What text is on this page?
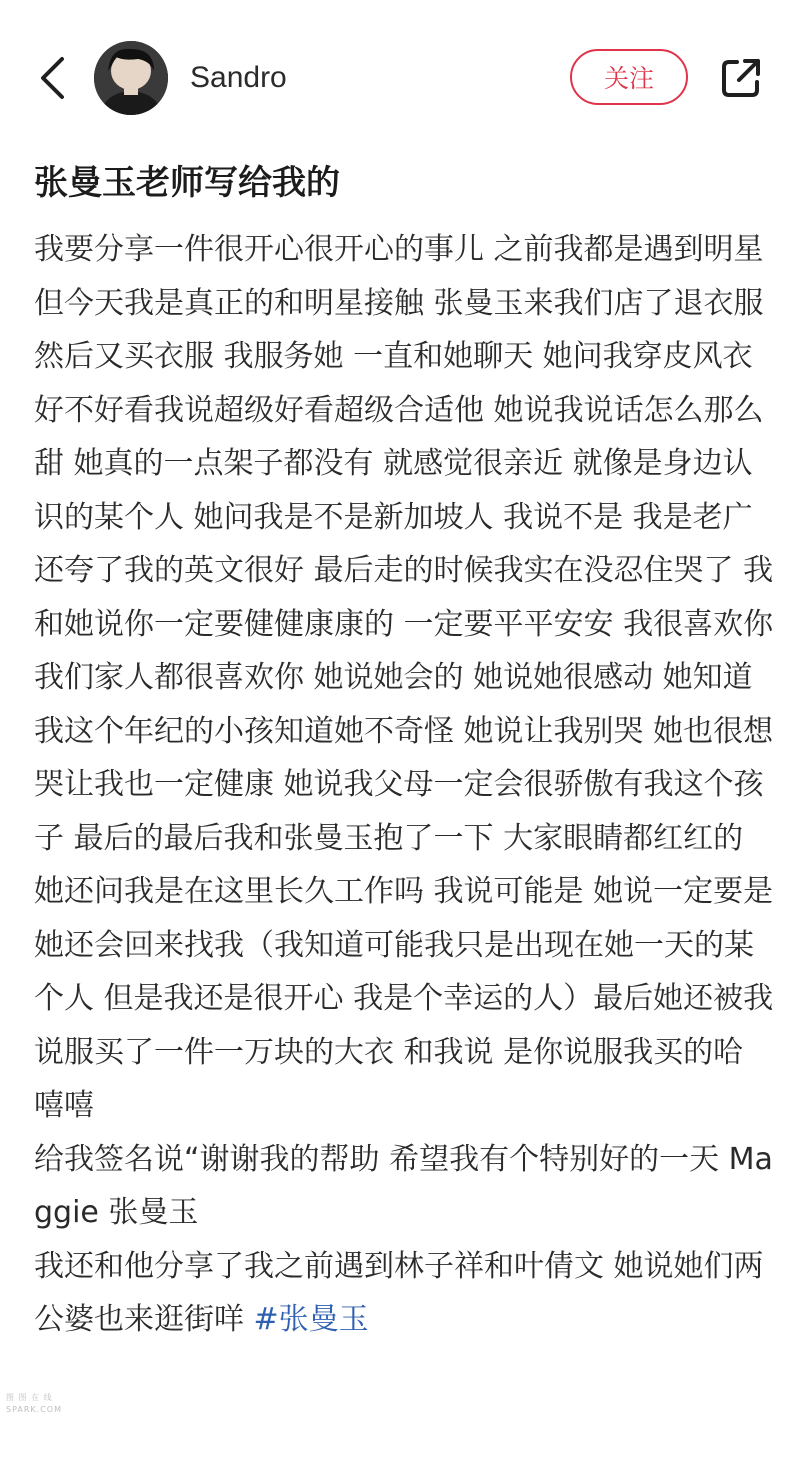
Sandro	关注
张曼玉老师写给我的

我要分享一件很开心很开心的事儿 之前我都是遇到明星但今天我是真正的和明星接触 张曼玉来我们店了退衣服 然后又买衣服 我服务她 一直和她聊天 她问我穿皮风衣好不好看我说超级好看超级合适他 她说我说话怎么那么甜 她真的一点架子都没有 就感觉很亲近 就像是身边认识的某个人 她问我是不是新加坡人 我说不是 我是老广 还夸了我的英文很好 最后走的时候我实在没忍住哭了 我和她说你一定要健健康康的 一定要平平安安 我很喜欢你我们家人都很喜欢你 她说她会的 她说她很感动 她知道我这个年纪的小孩知道她不奇怪 她说让我别哭 她也很想哭让我也一定健康 她说我父母一定会很骄傲有我这个孩子 最后的最后我和张曼玉抱了一下 大家眼睛都红红的 她还问我是在这里长久工作吗 我说可能是 她说一定要是 她还会回来找我（我知道可能我只是出现在她一天的某个人 但是我还是很开心 我是个幸运的人）最后她还被我说服买了一件一万块的大衣 和我说 是你说服我买的哈 嘻嘻

给我签名说“谢谢我的帮助 希望我有个特别好的一天 Maggie 张曼玉

我还和他分享了我之前遇到林子祥和叶倩文 她说她们两公婆也来逛街咩 #张曼玉

图 图 在 线
SPARK.COM
